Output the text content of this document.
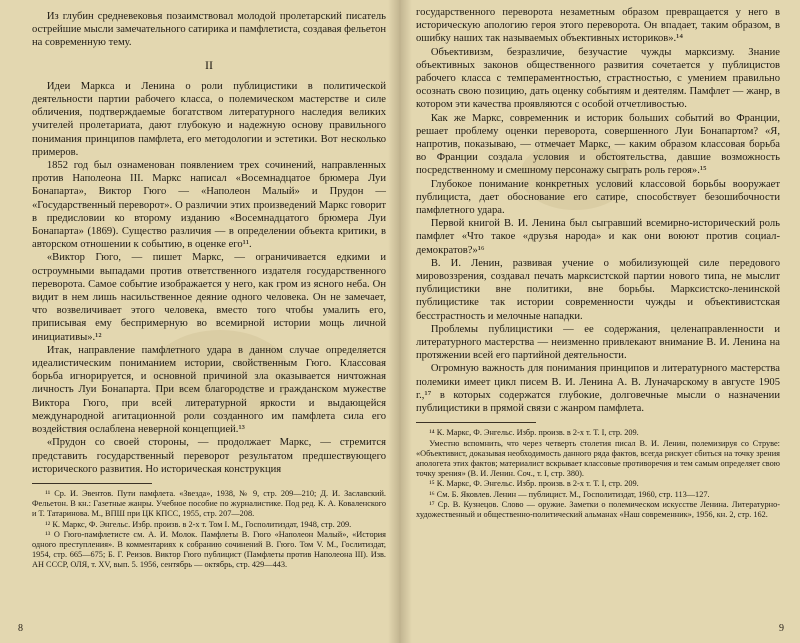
Из глубин средневековья позаимствовал молодой пролетарский писатель острейшие мысли замечательного сатирика и памфлетиста, создавая фельетон на современную тему.

II

Идеи Маркса и Ленина о роли публицистики в политической деятельности партии рабочего класса, о полемическом мастерстве и силе обличения, подтверждаемые богатством литературного наследия великих учителей пролетариата, дают глубокую и надежную основу правильного понимания принципов памфлета, его методологии и эстетики. Вот несколько примеров.

1852 год был ознаменован появлением трех сочинений, направленных против Наполеона III. Маркс написал «Восемнадцатое брюмера Луи Бонапарта», Виктор Гюго — «Наполеон Малый» и Прудон — «Государственный переворот». О различии этих произведений Маркс говорит в предисловии ко второму изданию «Восемнадцатого брюмера Луи Бонапарта» (1869). Существо различия — в определении объекта критики, в авторском отношении к событию, в оценке его¹¹.

«Виктор Гюго, — пишет Маркс, — ограничивается едкими и остроумными выпадами против ответственного издателя государственного переворота. Самое событие изображается у него, как гром из ясного неба. Он видит в нем лишь насильственное деяние одного человека. Он не замечает, что возвеличивает этого человека, вместо того чтобы умалить его, приписывая ему беспримерную во всемирной истории мощь личной инициативы».¹²

Итак, направление памфлетного удара в данном случае определяется идеалистическим пониманием истории, свойственным Гюго. Классовая борьба игнорируется, и основной причиной зла оказывается ничтожная личность Луи Бонапарта. При всем благородстве и гражданском мужестве Виктора Гюго, при всей литературной яркости и выдающейся международной агитационной роли созданного им памфлета сила его воздействия ослаблена неверной концепцией.¹³

«Прудон со своей стороны, — продолжает Маркс, — стремится представить государственный переворот результатом предшествующего исторического развития. Но историческая конструкция

¹¹ Ср. И. Эвентов. Пути памфлета. «Звезда», 1938, № 9, стр. 209—210; Д. И. Заславский. Фельетон. В кн.: Газетные жанры. Учебное пособие по журналистике. Под ред. К. А. Коваленского и Т. Татаринова. М., ВПШ при ЦК КПСС, 1955, стр. 207—208.

¹² К. Маркс, Ф. Энгельс. Избр. произв. в 2-х т. Том I. М., Госполитиздат, 1948, стр. 209.

¹³ О Гюго-памфлетисте см. А. И. Молок. Памфлеты В. Гюго «Наполеон Малый», «История одного преступления». В комментариях к собранию сочинений В. Гюго. Том V. М., Гослитиздат, 1954, стр. 665—675; Б. Г. Реизов. Виктор Гюго публицист (Памфлеты против Наполеона III). Изв. АН СССР, ОЛЯ, т. XV, вып. 5. 1956, сентябрь — октябрь, стр. 429—443.

8

государственного переворота незаметным образом превращается у него в историческую апологию героя этого переворота. Он впадает, таким образом, в ошибку наших так называемых объективных историков».¹⁴

Объективизм, безразличие, безучастие чужды марксизму. Знание объективных законов общественного развития сочетается у публицистов рабочего класса с темпераментностью, страстностью, с умением правильно осознать свою позицию, дать оценку событиям и деятелям. Памфлет — жанр, в котором эти качества проявляются с особой отчетливостью.

Как же Маркс, современник и историк больших событий во Франции, решает проблему оценки переворота, совершенного Луи Бонапартом? «Я, напротив, показываю, — отмечает Маркс, — каким образом классовая борьба во Франции создала условия и обстоятельства, давшие возможность посредственному и смешному персонажу сыграть роль героя».¹⁵

Глубокое понимание конкретных условий классовой борьбы вооружает публициста, дает обоснование его сатире, способствует безошибочности памфлетного удара.

Первой книгой В. И. Ленина был сыгравший всемирно-исторический роль памфлет «Что такое «друзья народа» и как они воюют против социал-демократов?»¹⁶

В. И. Ленин, развивая учение о мобилизующей силе передового мировоззрения, создавал печать марксистской партии нового типа, не мыслит публицистики вне политики, вне борьбы. Марксистско-ленинской публицистике так истории современности чужды и объективистская бесстрастность и мелочные нападки.

Проблемы публицистики — ее содержания, целенаправленности и литературного мастерства — неизменно привлекают внимание В. И. Ленина на протяжении всей его партийной деятельности.

Огромную важность для понимания принципов и литературного мастерства полемики имеет цикл писем В. И. Ленина А. В. Луначарскому в августе 1905 г.,¹⁷ в которых содержатся глубокие, долговечные мысли о назначении публицистики в прямой связи с жанром памфлета.

¹⁴ К. Маркс, Ф. Энгельс. Избр. произв. в 2-х т. Т. I, стр. 209.

Уместно вспомнить, что через четверть столетия писал В. И. Ленин, полемизируя со Струве: «Объективист, доказывая необходимость данного ряда фактов, всегда рискует сбиться на точку зрения апологета этих фактов; материалист вскрывает классовые противоречия и тем самым определяет свою точку зрения» (В. И. Ленин. Соч., т. I, стр. 380).

¹⁵ К. Маркс, Ф. Энгельс. Избр. произв. в 2-х т. Т. I, стр. 209.

¹⁶ См. Б. Яковлев. Ленин — публицист. М., Госполитиздат, 1960, стр. 113—127.

¹⁷ Ср. В. Кузнецов. Слово — оружие. Заметки о полемическом искусстве Ленина. Литературно-художественный и общественно-политический альманах «Наш современник», 1956, кн. 2, стр. 162.

9
